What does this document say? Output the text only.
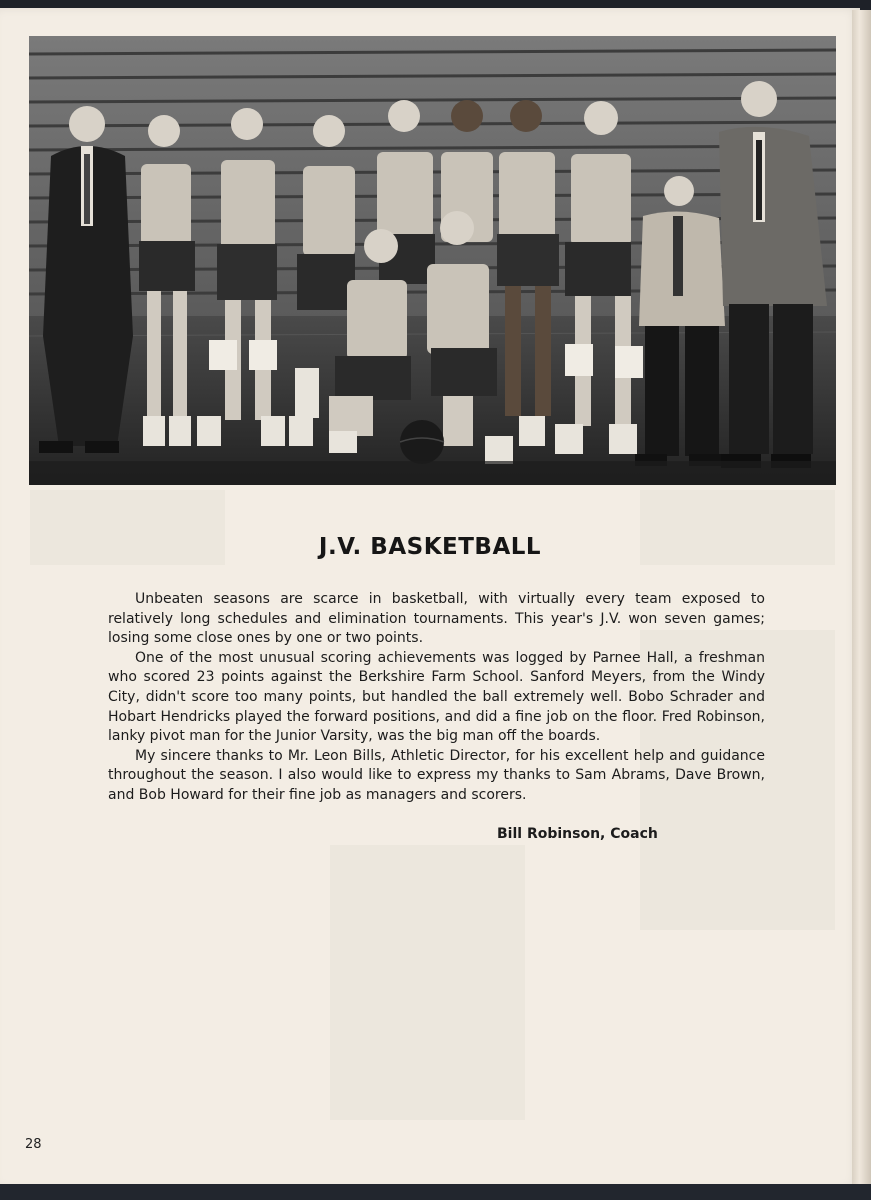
J.V. BASKETBALL

Unbeaten seasons are scarce in basketball, with virtually every team exposed to relatively long schedules and elimination tournaments. This year's J.V. won seven games; losing some close ones by one or two points.

One of the most unusual scoring achievements was logged by Parnee Hall, a freshman who scored 23 points against the Berkshire Farm School. Sanford Meyers, from the Windy City, didn't score too many points, but handled the ball extremely well. Bobo Schrader and Hobart Hendricks played the forward positions, and did a fine job on the floor. Fred Robinson, lanky pivot man for the Junior Varsity, was the big man off the boards.

My sincere thanks to Mr. Leon Bills, Athletic Director, for his excellent help and guidance throughout the season. I also would like to express my thanks to Sam Abrams, Dave Brown, and Bob Howard for their fine job as managers and scorers.

Bill Robinson, Coach
28
